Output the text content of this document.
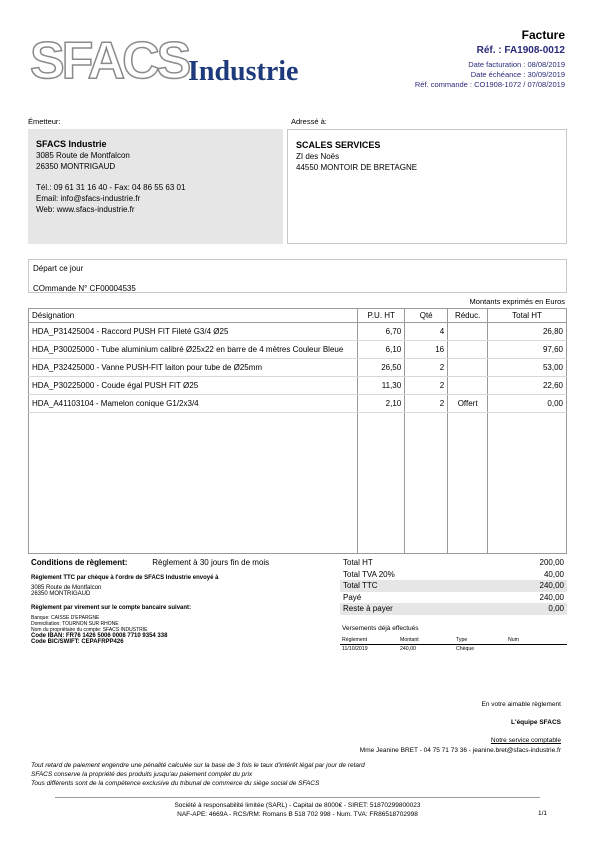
SFACS Industrie
Facture
Réf. : FA1908-0012
Date facturation : 08/08/2019
Date échéance : 30/09/2019
Réf. commande : CO1908-1072 / 07/08/2019
Émetteur:
SFACS Industrie
3085 Route de Montfalcon
26350 MONTRIGAUD
Tél.: 09 61 31 16 40 - Fax: 04 86 55 63 01
Email: info@sfacs-industrie.fr
Web: www.sfacs-industrie.fr
Adressé à:
SCALES SERVICES
ZI des Noës
44550 MONTOIR DE BRETAGNE
Départ ce jour
COmmande N° CF00004535
Montants exprimés en Euros
Désignation	P.U. HT	Qté	Réduc.	Total HT
HDA_P31425004 - Raccord PUSH FIT Fileté G3/4 Ø25	6,70	4		26,80
HDA_P30025000 - Tube aluminium calibré Ø25x22 en barre de 4 mètres Couleur Bleue	6,10	16		97,60
HDA_P32425000 - Vanne PUSH-FIT laiton pour tube de Ø25mm	26,50	2		53,00
HDA_P30225000 - Coude égal PUSH FIT Ø25	11,30	2		22,60
HDA_A41103104 - Mamelon conique G1/2x3/4	2,10	2	Offert	0,00

Conditions de règlement:	Règlement à 30 jours fin de mois
Règlement TTC par chèque à l'ordre de SFACS Industrie envoyé à
3085 Route de Montfalcon
26350 MONTRIGAUD
Règlement par virement sur le compte bancaire suivant:
Banque: CAISSE D'EPARGNE
Domiciliation: TOURNON SUR RHONE
Nom du propriétaire du compte: SFACS INDUSTRIE
Code IBAN: FR76 1426 5006 0008 7710 9354 338
Code BIC/SWIFT: CEPAFRPP426
Total HT	200,00
Total TVA 20%	40,00
Total TTC	240,00
Payé	240,00
Reste à payer	0,00
Versements déjà effectués
Règlement	Montant	Type	Num
11/10/2019	240,00	Chèque	
En votre aimable règlement
L'équipe SFACS
Notre service comptable
Mme Jeanine BRET - 04 75 71 73 36 - jeanine.bret@sfacs-industrie.fr
Tout retard de paiement engendre une pénalité calculée sur la base de 3 fois le taux d'intérêt légal par jour de retard
SFACS conserve la propriété des produits jusqu'au paiement complet du prix
Tous différents sont de la compétence exclusive du tribunal de commerce du siège social de SFACS
Société à responsabilité limitée (SARL) - Capital de 8000€ - SIRET: 51870299800023
NAF-APE: 4669A - RCS/RM: Romans B 518 702 998 - Num. TVA: FR86518702998	1/1
